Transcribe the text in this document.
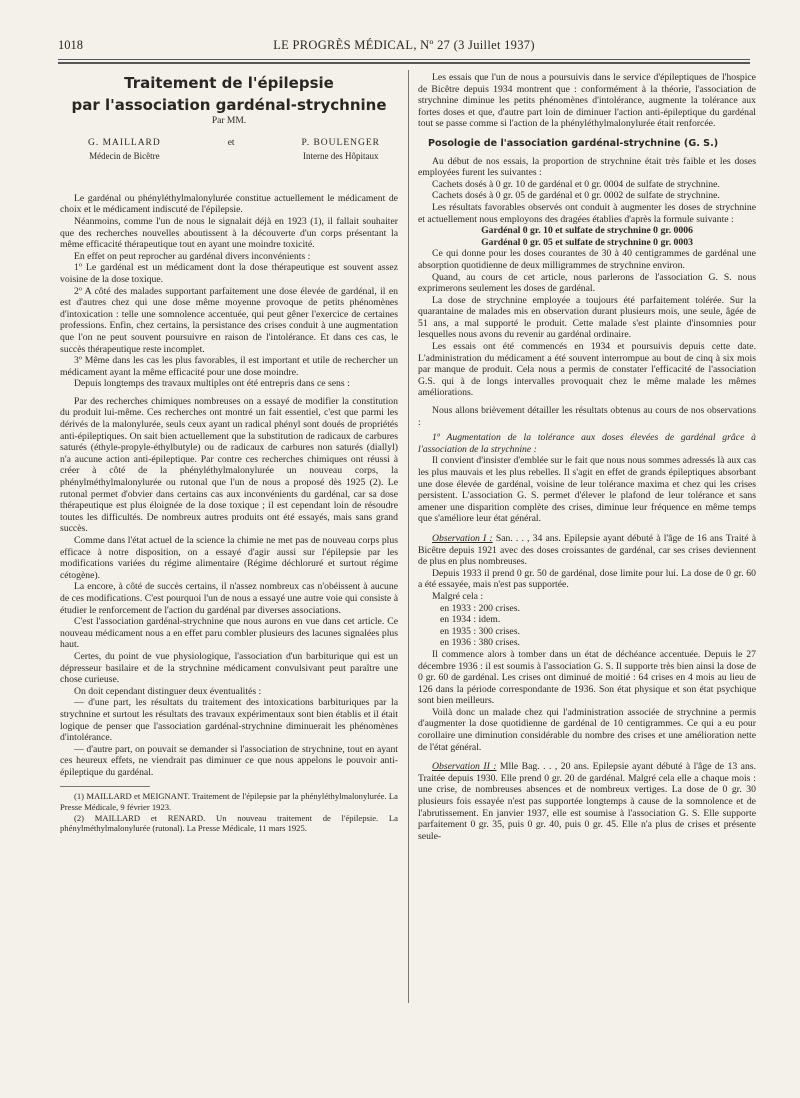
1018	LE PROGRÈS MÉDICAL, Nº 27 (3 Juillet 1937)

Traitement de l'épilepsie

par l'association gardénal-strychnine

Par MM.

G. MAILLARD
Médecin de Bicêtre
et	P. BOULENGER
Interne des Hôpitaux

Le gardénal ou phényléthylmalonylurée constitue actuellement le médicament de choix et le médicament indiscuté de l'épilepsie.

Néanmoins, comme l'un de nous le signalait déjà en 1923 (1), il fallait souhaiter que des recherches nouvelles aboutissent à la découverte d'un corps présentant la même efficacité thérapeutique tout en ayant une moindre toxicité.

En effet on peut reprocher au gardénal divers inconvénients :

1º Le gardénal est un médicament dont la dose thérapeutique est souvent assez voisine de la dose toxique.

2º A côté des malades supportant parfaitement une dose élevée de gardénal, il en est d'autres chez qui une dose même moyenne provoque de petits phénomènes d'intoxication : telle une somnolence accentuée, qui peut gêner l'exercice de certaines professions. Enfin, chez certains, la persistance des crises conduit à une augmentation que l'on ne peut souvent poursuivre en raison de l'intolérance. Et dans ces cas, le succès thérapeutique reste incomplet.

3º Même dans les cas les plus favorables, il est important et utile de rechercher un médicament ayant la même efficacité pour une dose moindre.

Depuis longtemps des travaux multiples ont été entrepris dans ce sens :

Par des recherches chimiques nombreuses on a essayé de modifier la constitution du produit lui-même. Ces recherches ont montré un fait essentiel, c'est que parmi les dérivés de la malonylurée, seuls ceux ayant un radical phényl sont doués de propriétés anti-épileptiques. On sait bien actuellement que la substitution de radicaux de carbures saturés (éthyle-propyle-éthylbutyle) ou de radicaux de carbures non saturés (diallyl) n'a aucune action anti-épileptique. Par contre ces recherches chimiques ont réussi à créer à côté de la phényléthylmalonylurée un nouveau corps, la phénylméthylmalonylurée ou rutonal que l'un de nous a proposé dès 1925 (2). Le rutonal permet d'obvier dans certains cas aux inconvénients du gardénal, car sa dose thérapeutique est plus éloignée de la dose toxique ; il est cependant loin de résoudre toutes les difficultés. De nombreux autres produits ont été essayés, mais sans grand succès.

Comme dans l'état actuel de la science la chimie ne met pas de nouveau corps plus efficace à notre disposition, on a essayé d'agir aussi sur l'épilepsie par les modifications variées du régime alimentaire (Régime déchloruré et surtout régime cétogène).

La encore, à côté de succès certains, il n'assez nombreux cas n'obéissent à aucune de ces modifications. C'est pourquoi l'un de nous a essayé une autre voie qui consiste à étudier le renforcement de l'action du gardénal par diverses associations.

C'est l'association gardénal-strychnine que nous aurons en vue dans cet article. Ce nouveau médicament nous a en effet paru combler plusieurs des lacunes signalées plus haut.

Certes, du point de vue physiologique, l'association d'un barbiturique qui est un dépresseur basilaire et de la strychnine médicament convulsivant peut paraître une chose curieuse.

On doit cependant distinguer deux éventualités :

— d'une part, les résultats du traitement des intoxications barbituriques par la strychnine et surtout les résultats des travaux expérimentaux sont bien établis et il était logique de penser que l'association gardénal-strychnine diminuerait les phénomènes d'intolérance.

— d'autre part, on pouvait se demander si l'association de strychnine, tout en ayant ces heureux effets, ne viendrait pas diminuer ce que nous appelons le pouvoir anti-épileptique du gardénal.

(1) MAILLARD et MEIGNANT. Traitement de l'épilepsie par la phényléthylmalonylurée. La Presse Médicale, 9 février 1923.

(2) MAILLARD et RENARD. Un nouveau traitement de l'épilepsie. La phénylméthylmalonylurée (rutonal). La Presse Médicale, 11 mars 1925.

Les essais que l'un de nous a poursuivis dans le service d'épileptiques de l'hospice de Bicêtre depuis 1934 montrent que : conformément à la théorie, l'association de strychnine diminue les petits phénomènes d'intolérance, augmente la tolérance aux fortes doses et que, d'autre part loin de diminuer l'action anti-épileptique du gardénal tout se passe comme si l'action de la phényléthylmalonylurée était renforcée.

Posologie de l'association gardénal-strychnine (G. S.)

Au début de nos essais, la proportion de strychnine était très faible et les doses employées furent les suivantes :

Cachets dosés à 0 gr. 10 de gardénal et 0 gr. 0004 de sulfate de strychnine.

Cachets dosés à 0 gr. 05 de gardénal et 0 gr. 0002 de sulfate de strychnine.

Les résultats favorables observés ont conduit à augmenter les doses de strychnine et actuellement nous employons des dragées établies d'après la formule suivante :

Gardénal 0 gr. 10 et sulfate de strychnine 0 gr. 0006

Gardénal 0 gr. 05 et sulfate de strychnine 0 gr. 0003

Ce qui donne pour les doses courantes de 30 à 40 centigrammes de gardénal une absorption quotidienne de deux milligrammes de strychnine environ.

Quand, au cours de cet article, nous parlerons de l'association G. S. nous exprimerons seulement les doses de gardénal.

La dose de strychnine employée a toujours été parfaitement tolérée. Sur la quarantaine de malades mis en observation durant plusieurs mois, une seule, âgée de 51 ans, a mal supporté le produit. Cette malade s'est plainte d'insomnies pour lesquelles nous avons du revenir au gardénal ordinaire.

Les essais ont été commencés en 1934 et poursuivis depuis cette date. L'administration du médicament a été souvent interrompue au bout de cinq à six mois par manque de produit. Cela nous a permis de constater l'efficacité de l'association G.S. qui à de longs intervalles provoquait chez le même malade les mêmes améliorations.

Nous allons brièvement détailler les résultats obtenus au cours de nos observations :

1º Augmentation de la tolérance aux doses élevées de gardénal grâce à l'association de la strychnine :

Il convient d'insister d'emblée sur le fait que nous nous sommes adressés là aux cas les plus mauvais et les plus rebelles. Il s'agit en effet de grands épileptiques absorbant une dose élevée de gardénal, voisine de leur tolérance maxima et chez qui les crises persistent. L'association G. S. permet d'élever le plafond de leur tolérance et sans amener une disparition complète des crises, diminue leur fréquence en même temps que s'améliore leur état général.

Observation I : San. . . , 34 ans. Epilepsie ayant débuté à l'âge de 16 ans Traité à Bicêtre depuis 1921 avec des doses croissantes de gardénal, car ses crises deviennent de plus en plus nombreuses.

Depuis 1933 il prend 0 gr. 50 de gardénal, dose limite pour lui. La dose de 0 gr. 60 a été essayée, mais n'est pas supportée.

Malgré cela :

en 1933 : 200 crises.

en 1934 : idem.

en 1935 : 300 crises.

en 1936 : 380 crises.

Il commence alors à tomber dans un état de déchéance accentuée. Depuis le 27 décembre 1936 : il est soumis à l'association G. S. Il supporte très bien ainsi la dose de 0 gr. 60 de gardénal. Les crises ont diminué de moitié : 64 crises en 4 mois au lieu de 126 dans la période correspondante de 1936. Son état physique et son état psychique sont bien meilleurs.

Voilà donc un malade chez qui l'administration associée de strychnine a permis d'augmenter la dose quotidienne de gardénal de 10 centigrammes. Ce qui a eu pour corollaire une diminution considérable du nombre des crises et une amélioration nette de l'état général.

Observation II : Mlle Bag. . . , 20 ans. Epilepsie ayant débuté à l'âge de 13 ans. Traitée depuis 1930. Elle prend 0 gr. 20 de gardénal. Malgré cela elle a chaque mois : une crise, de nombreuses absences et de nombreux vertiges. La dose de 0 gr. 30 plusieurs fois essayée n'est pas supportée longtemps à cause de la somnolence et de l'abrutissement. En janvier 1937, elle est soumise à l'association G. S. Elle supporte parfaitement 0 gr. 35, puis 0 gr. 40, puis 0 gr. 45. Elle n'a plus de crises et présente seule-
